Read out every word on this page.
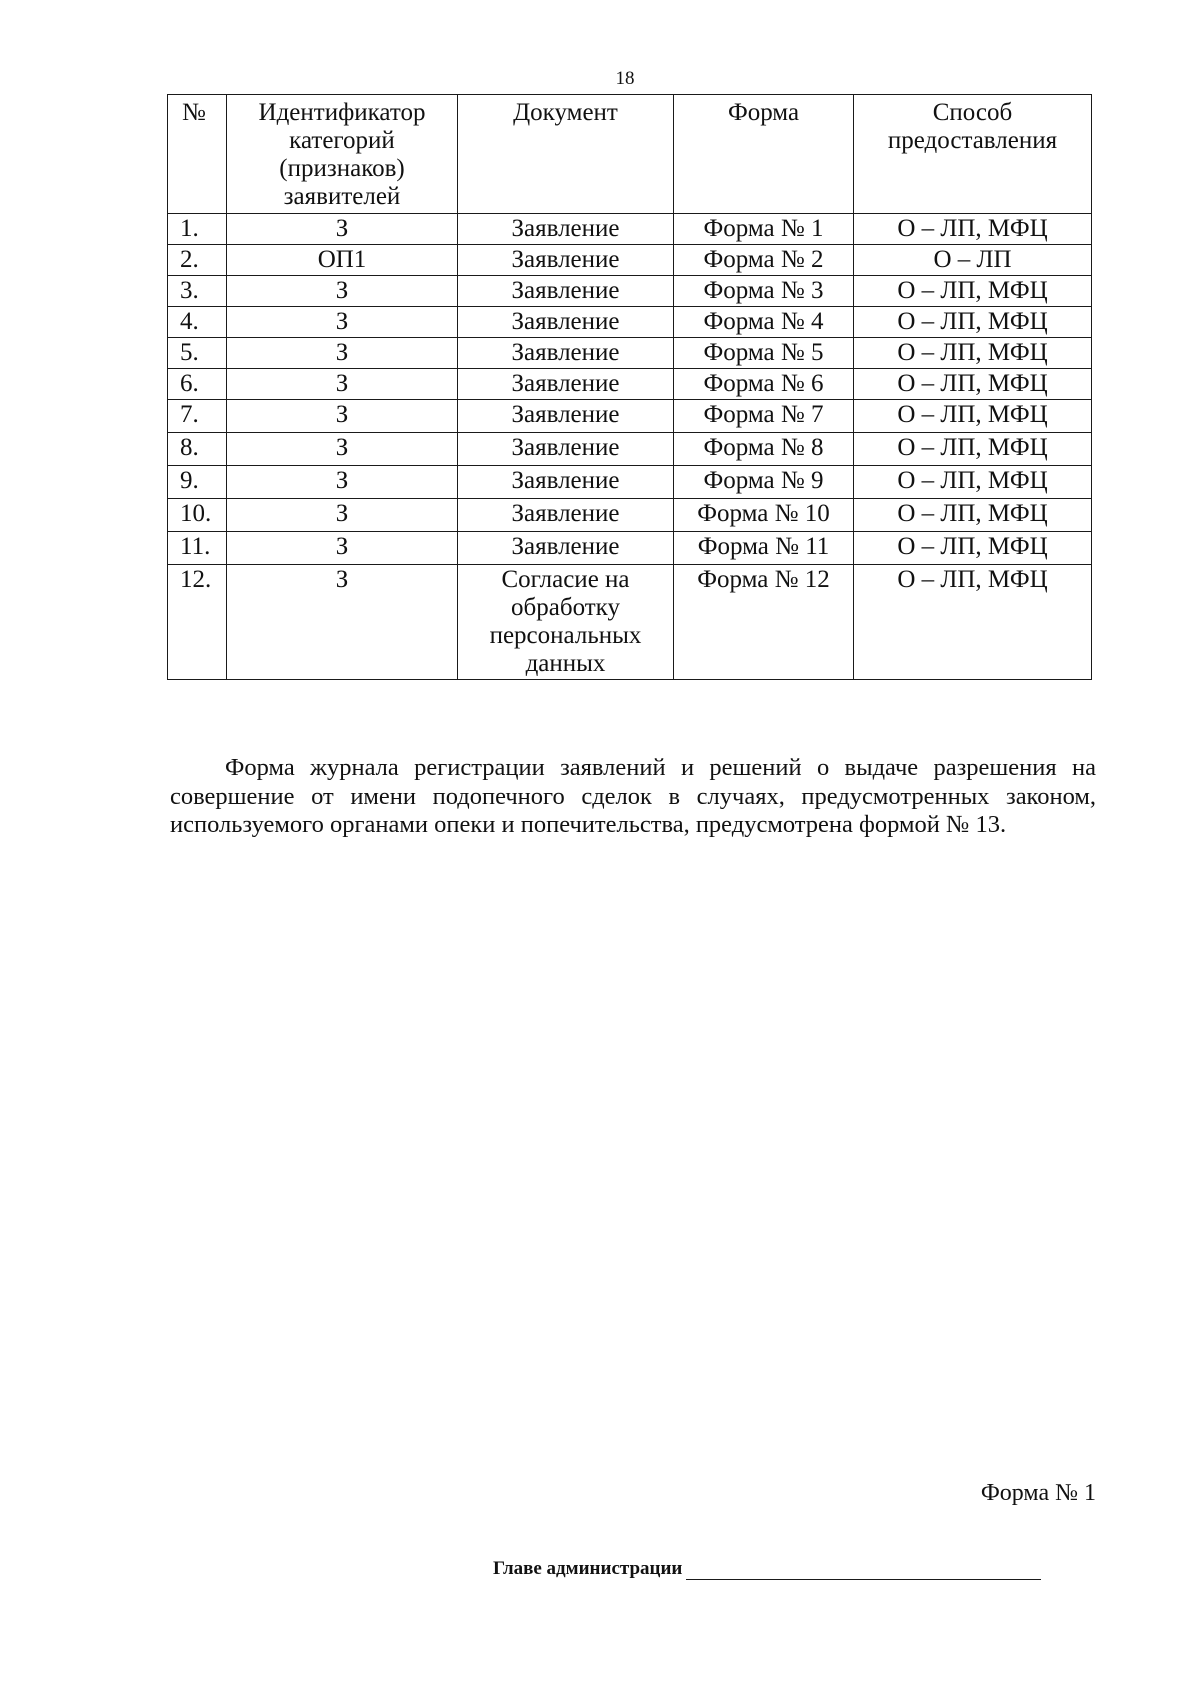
18
№	Идентификатор категорий (признаков) заявителей	Документ	Форма	Способ предоставления
1.	З	Заявление	Форма № 1	О – ЛП, МФЦ
2.	ОП1	Заявление	Форма № 2	О – ЛП
3.	З	Заявление	Форма № 3	О – ЛП, МФЦ
4.	З	Заявление	Форма № 4	О – ЛП, МФЦ
5.	З	Заявление	Форма № 5	О – ЛП, МФЦ
6.	З	Заявление	Форма № 6	О – ЛП, МФЦ
7.	З	Заявление	Форма № 7	О – ЛП, МФЦ
8.	З	Заявление	Форма № 8	О – ЛП, МФЦ
9.	З	Заявление	Форма № 9	О – ЛП, МФЦ
10.	З	Заявление	Форма № 10	О – ЛП, МФЦ
11.	З	Заявление	Форма № 11	О – ЛП, МФЦ
12.	З	Согласие на обработку персональных данных	Форма № 12	О – ЛП, МФЦ
Форма журнала регистрации заявлений и решений о выдаче разрешения на совершение от имени подопечного сделок в случаях, предусмотренных законом, используемого органами опеки и попечительства, предусмотрена формой № 13.
Форма № 1
Главе администрации
